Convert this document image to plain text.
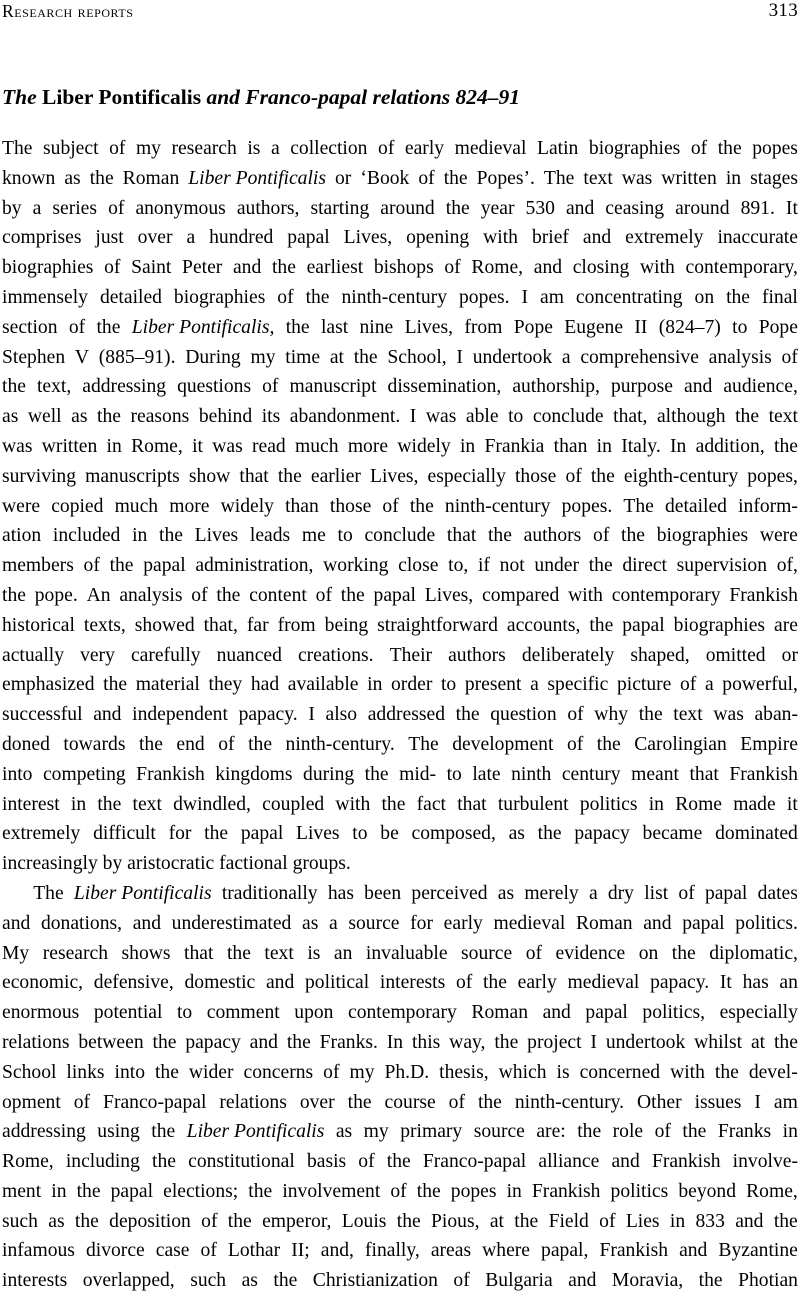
Research reports	313
The Liber Pontificalis and Franco-papal relations 824–91
The subject of my research is a collection of early medieval Latin biographies of the popes
known as the Roman Liber Pontificalis or ‘Book of the Popes’. The text was written in stages
by a series of anonymous authors, starting around the year 530 and ceasing around 891. It
comprises just over a hundred papal Lives, opening with brief and extremely inaccurate
biographies of Saint Peter and the earliest bishops of Rome, and closing with contemporary,
immensely detailed biographies of the ninth-century popes. I am concentrating on the final
section of the Liber Pontificalis, the last nine Lives, from Pope Eugene II (824–7) to Pope
Stephen V (885–91). During my time at the School, I undertook a comprehensive analysis of
the text, addressing questions of manuscript dissemination, authorship, purpose and audience,
as well as the reasons behind its abandonment. I was able to conclude that, although the text
was written in Rome, it was read much more widely in Frankia than in Italy. In addition, the
surviving manuscripts show that the earlier Lives, especially those of the eighth-century popes,
were copied much more widely than those of the ninth-century popes. The detailed inform-
ation included in the Lives leads me to conclude that the authors of the biographies were
members of the papal administration, working close to, if not under the direct supervision of,
the pope. An analysis of the content of the papal Lives, compared with contemporary Frankish
historical texts, showed that, far from being straightforward accounts, the papal biographies are
actually very carefully nuanced creations. Their authors deliberately shaped, omitted or
emphasized the material they had available in order to present a specific picture of a powerful,
successful and independent papacy. I also addressed the question of why the text was aban-
doned towards the end of the ninth-century. The development of the Carolingian Empire
into competing Frankish kingdoms during the mid- to late ninth century meant that Frankish
interest in the text dwindled, coupled with the fact that turbulent politics in Rome made it
extremely difficult for the papal Lives to be composed, as the papacy became dominated
increasingly by aristocratic factional groups.
The Liber Pontificalis traditionally has been perceived as merely a dry list of papal dates
and donations, and underestimated as a source for early medieval Roman and papal politics.
My research shows that the text is an invaluable source of evidence on the diplomatic,
economic, defensive, domestic and political interests of the early medieval papacy. It has an
enormous potential to comment upon contemporary Roman and papal politics, especially
relations between the papacy and the Franks. In this way, the project I undertook whilst at the
School links into the wider concerns of my Ph.D. thesis, which is concerned with the devel-
opment of Franco-papal relations over the course of the ninth-century. Other issues I am
addressing using the Liber Pontificalis as my primary source are: the role of the Franks in
Rome, including the constitutional basis of the Franco-papal alliance and Frankish involve-
ment in the papal elections; the involvement of the popes in Frankish politics beyond Rome,
such as the deposition of the emperor, Louis the Pious, at the Field of Lies in 833 and the
infamous divorce case of Lothar II; and, finally, areas where papal, Frankish and Byzantine
interests overlapped, such as the Christianization of Bulgaria and Moravia, the Photian
